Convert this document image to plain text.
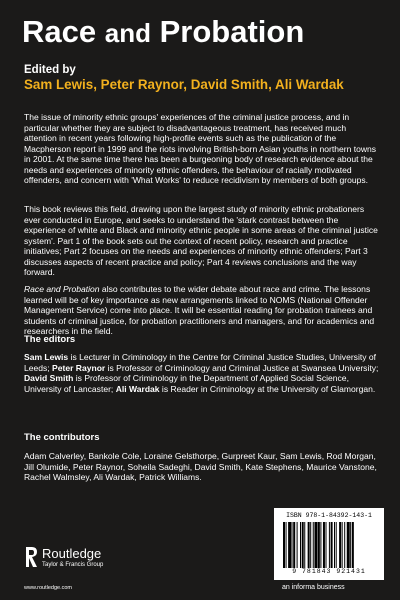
Race and Probation
Edited by
Sam Lewis, Peter Raynor, David Smith, Ali Wardak

The issue of minority ethnic groups' experiences of the criminal justice process, and in particular whether they are subject to disadvantageous treatment, has received much attention in recent years following high-profile events such as the publication of the Macpherson report in 1999 and the riots involving British-born Asian youths in northern towns in 2001. At the same time there has been a burgeoning body of research evidence about the needs and experiences of minority ethnic offenders, the behaviour of racially motivated offenders, and concern with 'What Works' to reduce recidivism by members of both groups.

This book reviews this field, drawing upon the largest study of minority ethnic probationers ever conducted in Europe, and seeks to understand the 'stark contrast between the experience of white and Black and minority ethnic people in some areas of the criminal justice system'. Part 1 of the book sets out the context of recent policy, research and practice initiatives; Part 2 focuses on the needs and experiences of minority ethnic offenders; Part 3 discusses aspects of recent practice and policy; Part 4 reviews conclusions and the way forward.

Race and Probation also contributes to the wider debate about race and crime. The lessons learned will be of key importance as new arrangements linked to NOMS (National Offender Management Service) come into place. It will be essential reading for probation trainees and students of criminal justice, for probation practitioners and managers, and for academics and researchers in the field.

The editors

Sam Lewis is Lecturer in Criminology in the Centre for Criminal Justice Studies, University of Leeds; Peter Raynor is Professor of Criminology and Criminal Justice at Swansea University; David Smith is Professor of Criminology in the Department of Applied Social Science, University of Lancaster; Ali Wardak is Reader in Criminology at the University of Glamorgan.

The contributors

Adam Calverley, Bankole Cole, Loraine Gelsthorpe, Gurpreet Kaur, Sam Lewis, Rod Morgan, Jill Olumide, Peter Raynor, Soheila Sadeghi, David Smith, Kate Stephens, Maurice Vanstone, Rachel Walmsley, Ali Wardak, Patrick Williams.

Routledge
Taylor & Francis Group
www.routledge.com
ISBN 978-1-84392-143-1
9 781843 921431
an informa business
